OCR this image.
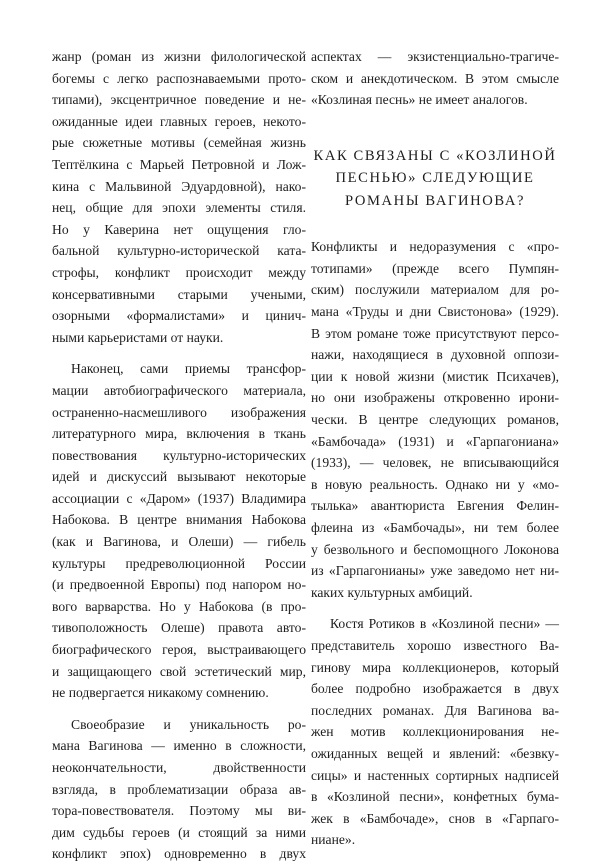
жанр (роман из жизни филологической
богемы с легко распознаваемыми прото-
типами), эксцентричное поведение и не-
ожиданные идеи главных героев, некото-
рые сюжетные мотивы (семейная жизнь
Тептёлкина с Марьей Петровной и Лож-
кина с Мальвиной Эдуардовной), нако-
нец, общие для эпохи элементы стиля.
Но у Каверина нет ощущения гло-
бальной культурно-исторической ката-
строфы, конфликт происходит между
консервативными старыми учеными,
озорными «формалистами» и цинич-
ными карьеристами от науки.
Наконец, сами приемы трансфор-
мации автобиографического материала,
остраненно-насмешливого изображения
литературного мира, включения в ткань
повествования культурно-исторических
идей и дискуссий вызывают некоторые
ассоциации с «Даром» (1937) Владимира
Набокова. В центре внимания Набокова
(как и Вагинова, и Олеши) — гибель
культуры предреволюционной России
(и предвоенной Европы) под напором но-
вого варварства. Но у Набокова (в про-
тивоположность Олеше) правота авто-
биографического героя, выстраивающего
и защищающего свой эстетический мир,
не подвергается никакому сомнению.
Своеобразие и уникальность ро-
мана Вагинова — именно в сложности,
неокончательности, двойственности
взгляда, в проблематизации образа ав-
тора-повествователя. Поэтому мы ви-
дим судьбы героев (и стоящий за ними
конфликт эпох) одновременно в двух
аспектах — экзистенциально-трагиче-
ском и анекдотическом. В этом смысле
«Козлиная песнь» не имеет аналогов.
КАК СВЯЗАНЫ С «КОЗЛИНОЙ
ПЕСНЬЮ» СЛЕДУЮЩИЕ
РОМАНЫ ВАГИНОВА?
Конфликты и недоразумения с «про-
тотипами» (прежде всего Пумпян-
ским) послужили материалом для ро-
мана «Труды и дни Свистонова» (1929).
В этом романе тоже присутствуют персо-
нажи, находящиеся в духовной оппози-
ции к новой жизни (мистик Психачев),
но они изображены откровенно ирони-
чески. В центре следующих романов,
«Бамбочада» (1931) и «Гарпагониана»
(1933), — человек, не вписывающийся
в новую реальность. Однако ни у «мо-
тылька» авантюриста Евгения Фелин-
флеина из «Бамбочады», ни тем более
у безвольного и беспомощного Локонова
из «Гарпагонианы» уже заведомо нет ни-
каких культурных амбиций.
Костя Ротиков в «Козлиной песни» —
представитель хорошо известного Ва-
гинову мира коллекционеров, который
более подробно изображается в двух
последних романах. Для Вагинова ва-
жен мотив коллекционирования не-
ожиданных вещей и явлений: «безвку-
сицы» и настенных сортирных надписей
в «Козлиной песни», конфетных бума-
жек в «Бамбочаде», снов в «Гарпаго-
ниане».
